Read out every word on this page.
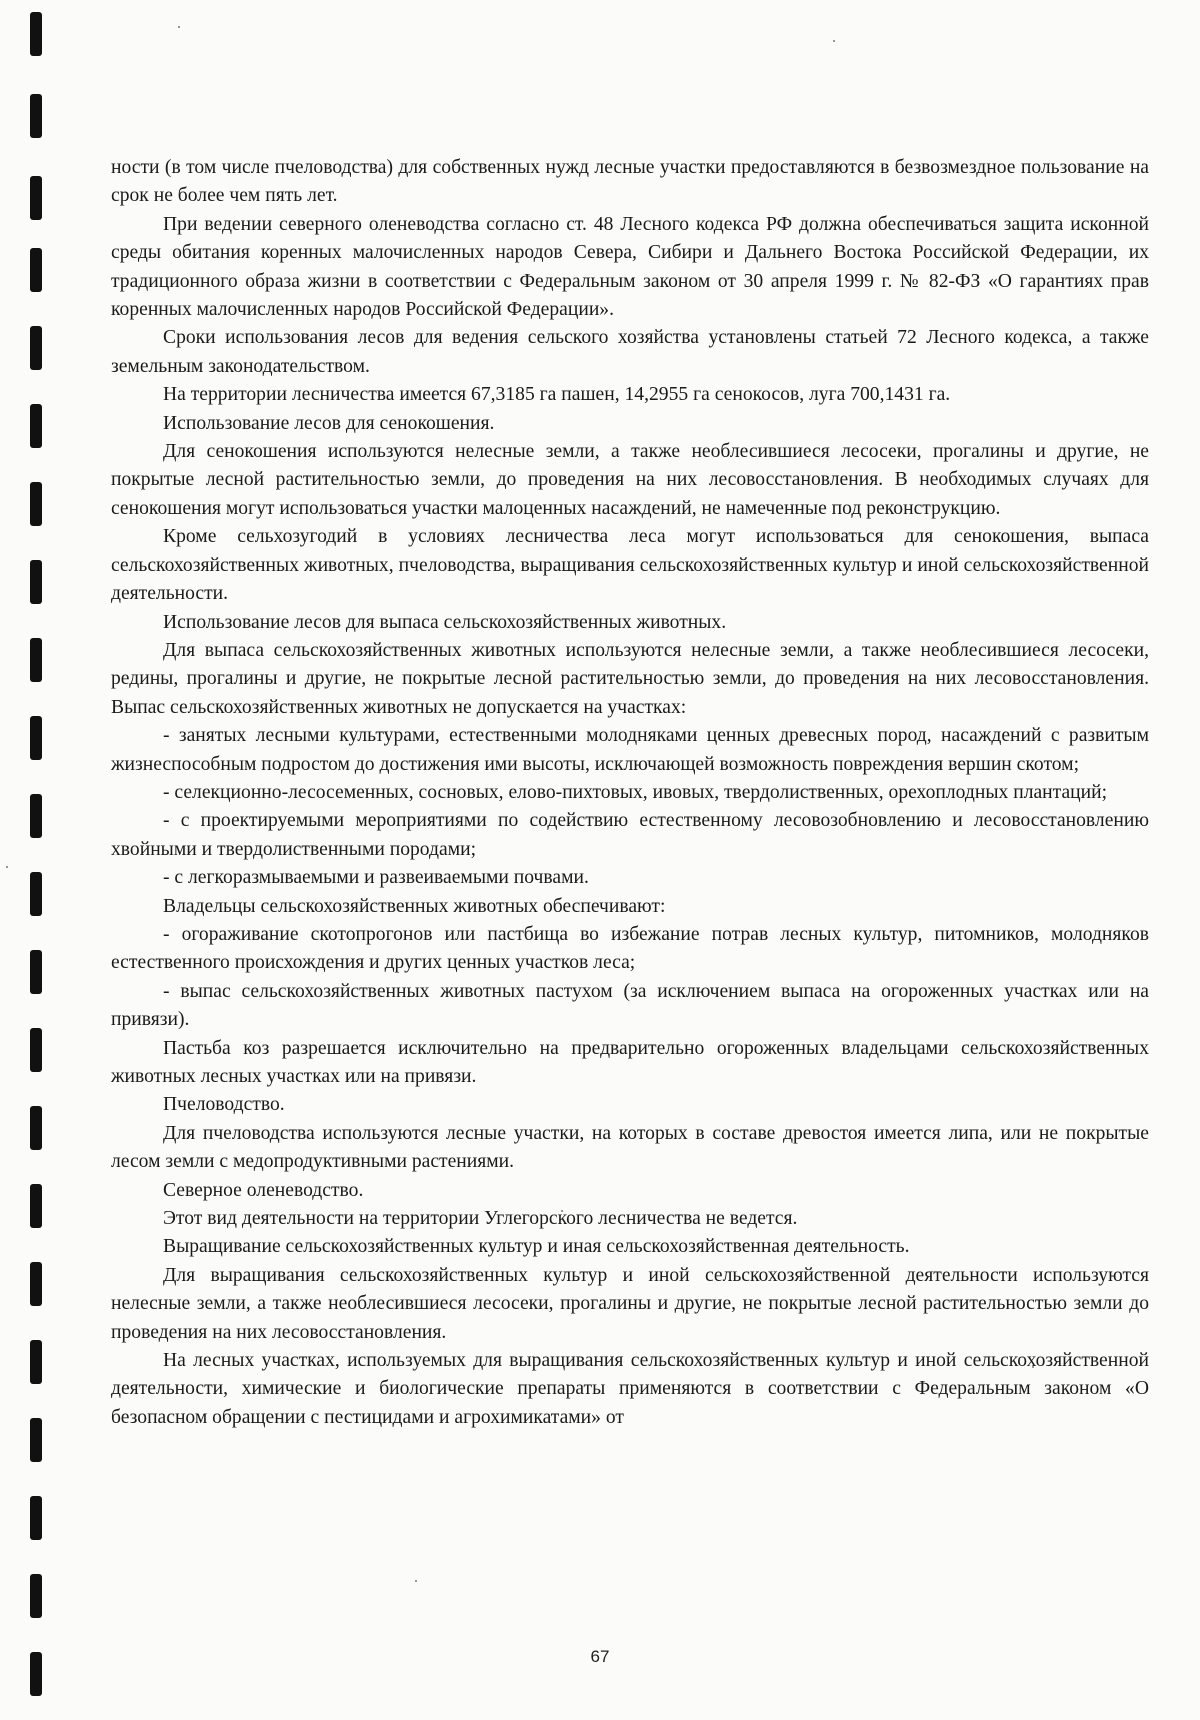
ности (в том числе пчеловодства) для собственных нужд лесные участки предоставляются в безвозмездное пользование на срок не более чем пять лет.

При ведении северного оленеводства согласно ст. 48 Лесного кодекса РФ должна обеспечиваться защита исконной среды обитания коренных малочисленных народов Севера, Сибири и Дальнего Востока Российской Федерации, их традиционного образа жизни в соответствии с Федеральным законом от 30 апреля 1999 г. № 82-ФЗ «О гарантиях прав коренных малочисленных народов Российской Федерации».

Сроки использования лесов для ведения сельского хозяйства установлены статьей 72 Лесного кодекса, а также земельным законодательством.

На территории лесничества имеется 67,3185 га пашен, 14,2955 га сенокосов, луга 700,1431 га.

Использование лесов для сенокошения.

Для сенокошения используются нелесные земли, а также необлесившиеся лесосеки, прогалины и другие, не покрытые лесной растительностью земли, до проведения на них лесовосстановления. В необходимых случаях для сенокошения могут использоваться участки малоценных насаждений, не намеченные под реконструкцию.

Кроме сельхозугодий в условиях лесничества леса могут использоваться для сенокошения, выпаса сельскохозяйственных животных, пчеловодства, выращивания сельскохозяйственных культур и иной сельскохозяйственной деятельности.

Использование лесов для выпаса сельскохозяйственных животных.

Для выпаса сельскохозяйственных животных используются нелесные земли, а также необлесившиеся лесосеки, редины, прогалины и другие, не покрытые лесной растительностью земли, до проведения на них лесовосстановления. Выпас сельскохозяйственных животных не допускается на участках:

- занятых лесными культурами, естественными молодняками ценных древесных пород, насаждений с развитым жизнеспособным подростом до достижения ими высоты, исключающей возможность повреждения вершин скотом;

- селекционно-лесосеменных, сосновых, елово-пихтовых, ивовых, твердолиственных, орехоплодных плантаций;

- с проектируемыми мероприятиями по содействию естественному лесовозобновлению и лесовосстановлению хвойными и твердолиственными породами;

- с легкоразмываемыми и развеиваемыми почвами.

Владельцы сельскохозяйственных животных обеспечивают:

- огораживание скотопрогонов или пастбища во избежание потрав лесных культур, питомников, молодняков естественного происхождения и других ценных участков леса;

- выпас сельскохозяйственных животных пастухом (за исключением выпаса на огороженных участках или на привязи).

Пастьба коз разрешается исключительно на предварительно огороженных владельцами сельскохозяйственных животных лесных участках или на привязи.

Пчеловодство.

Для пчеловодства используются лесные участки, на которых в составе древостоя имеется липа, или не покрытые лесом земли с медопродуктивными растениями.

Северное оленеводство.

Этот вид деятельности на территории Углегорского лесничества не ведется.

Выращивание сельскохозяйственных культур и иная сельскохозяйственная деятельность.

Для выращивания сельскохозяйственных культур и иной сельскохозяйственной деятельности используются нелесные земли, а также необлесившиеся лесосеки, прогалины и другие, не покрытые лесной растительностью земли до проведения на них лесовосстановления.

На лесных участках, используемых для выращивания сельскохозяйственных культур и иной сельскохозяйственной деятельности, химические и биологические препараты применяются в соответствии с Федеральным законом «О безопасном обращении с пестицидами и агрохимикатами» от

67
